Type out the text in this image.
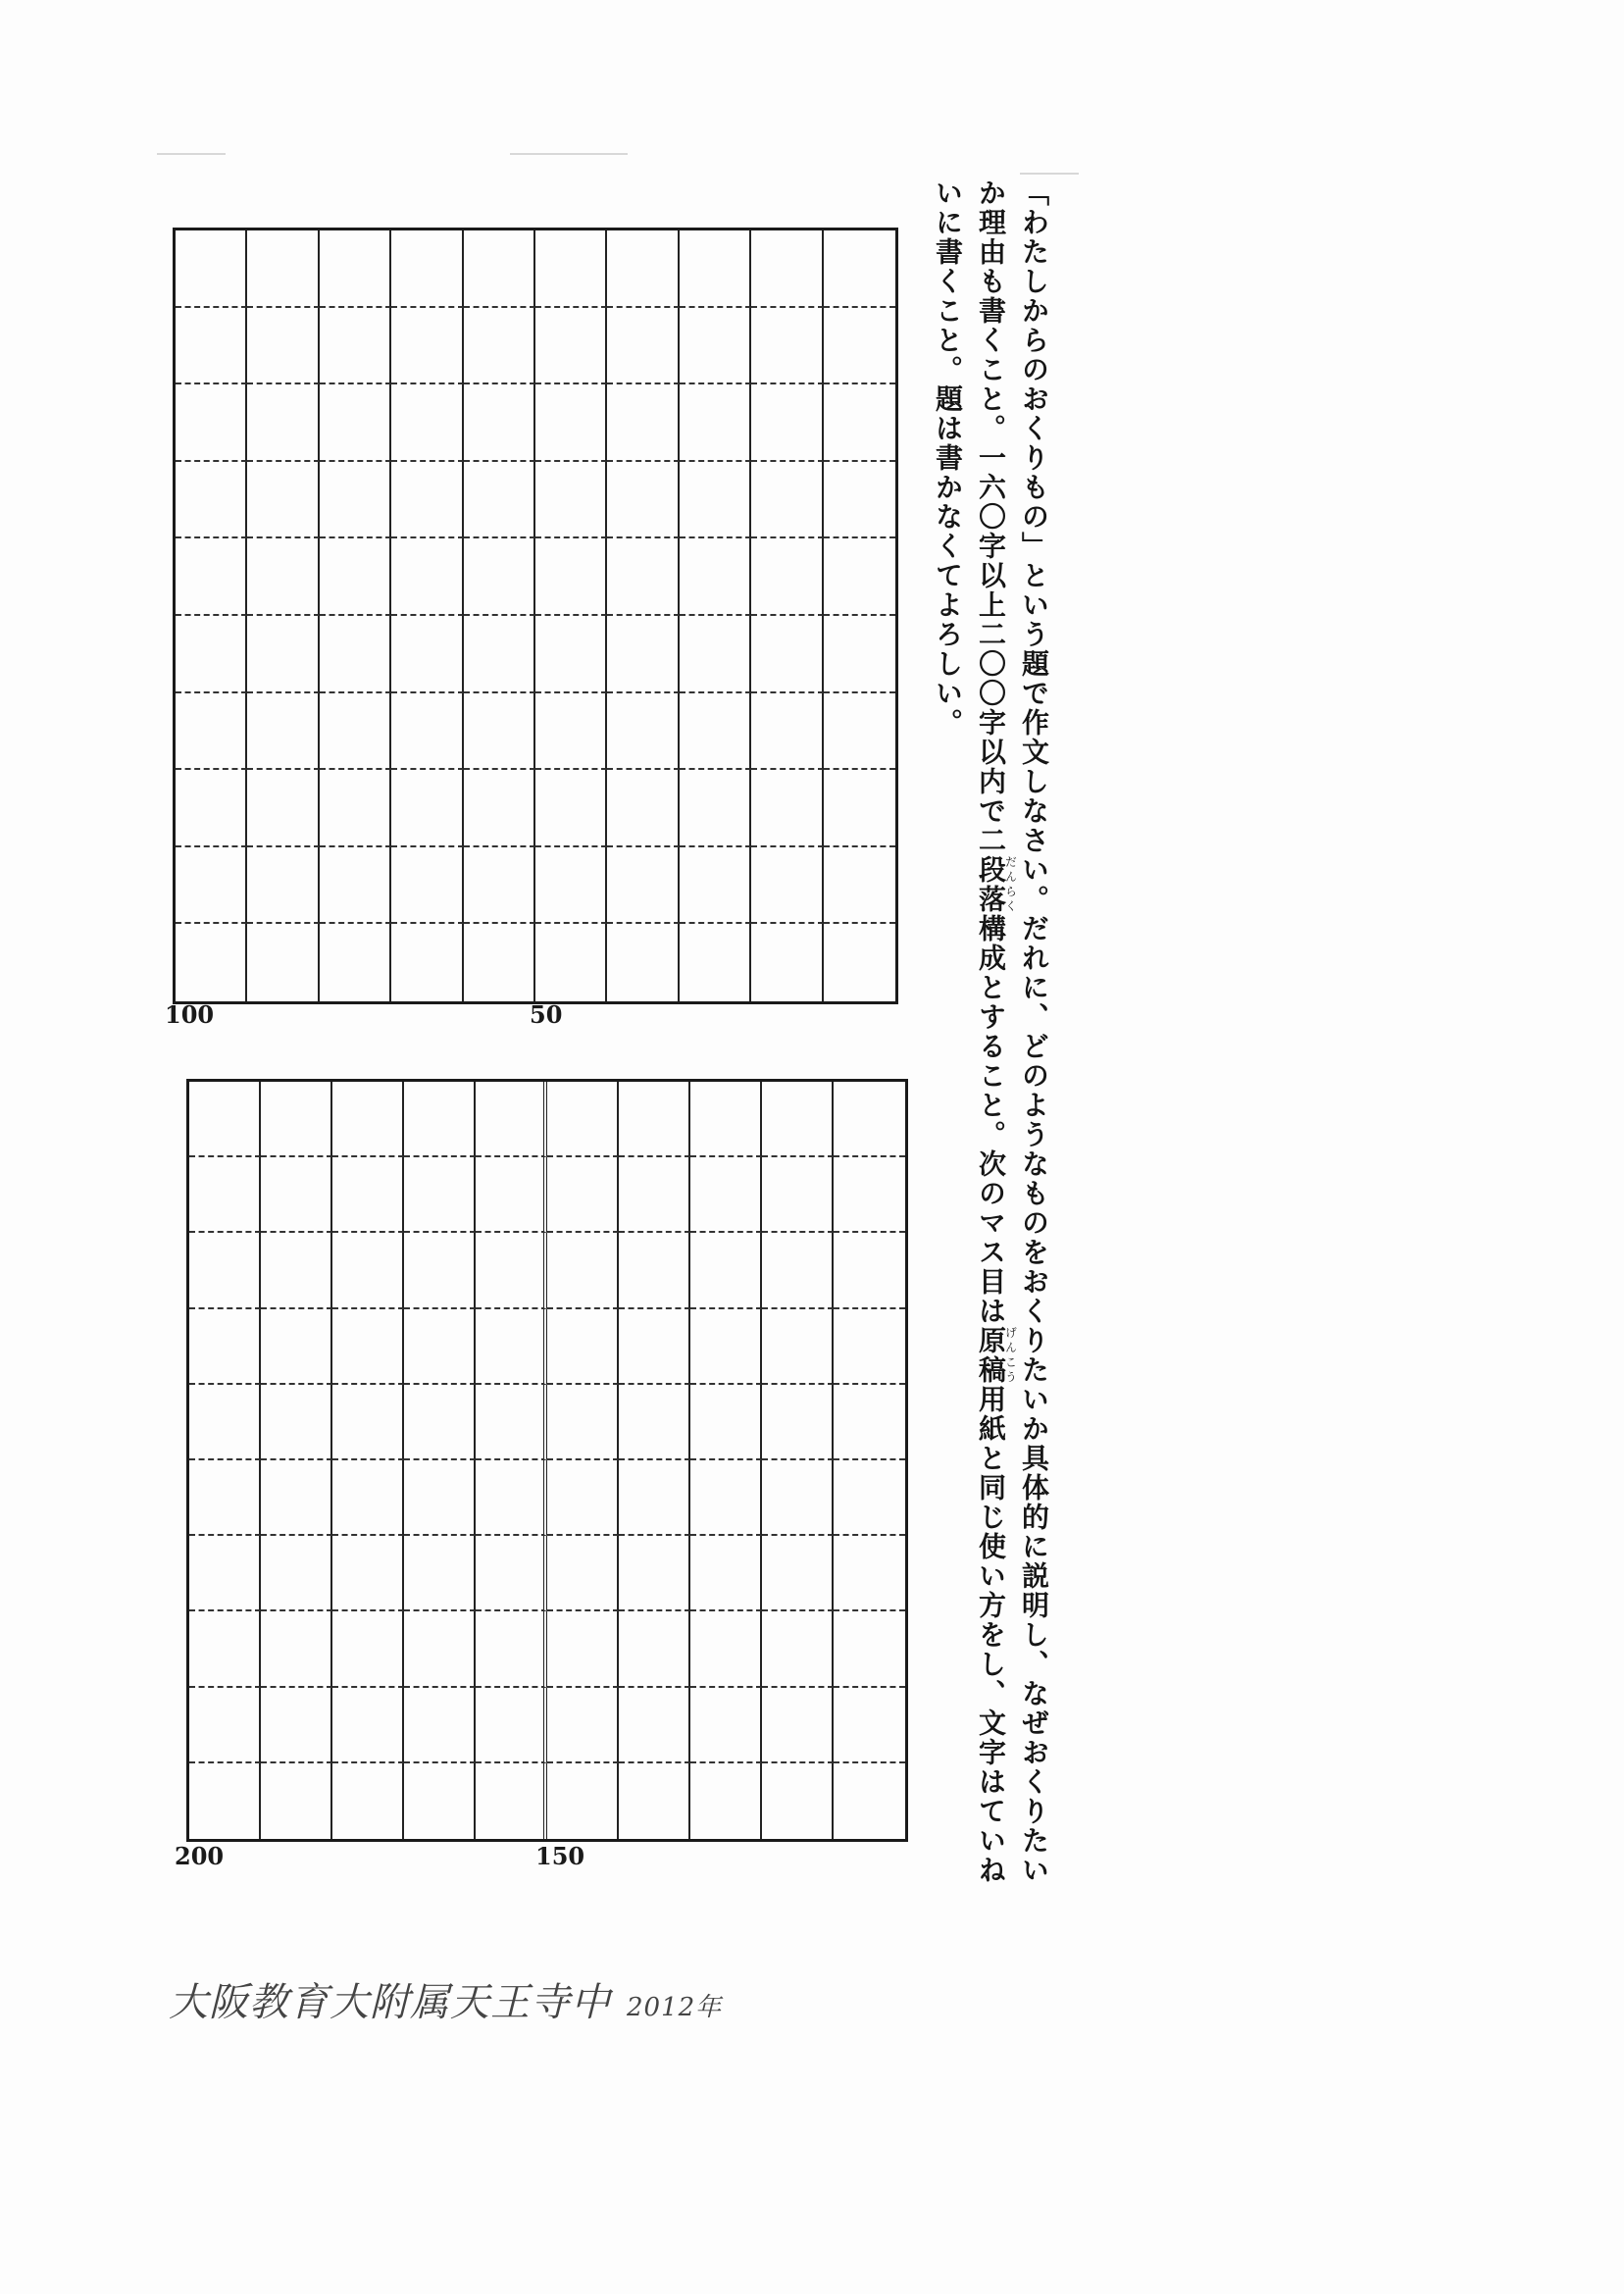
「わたしからのおくりもの」という題で作文しなさい。だれに、どのようなものをおくりたいか具体的に説明し、なぜおくりたいか理由も書くこと。一六〇字以上二〇〇字以内で二段落だんらく構成とすること。次のマス目は原稿げんこう用紙と同じ使い方をし、文字はていねいに書くこと。題は書かなくてよろしい。

100	50
200	150
大阪教育大附属天王寺中 2012年
